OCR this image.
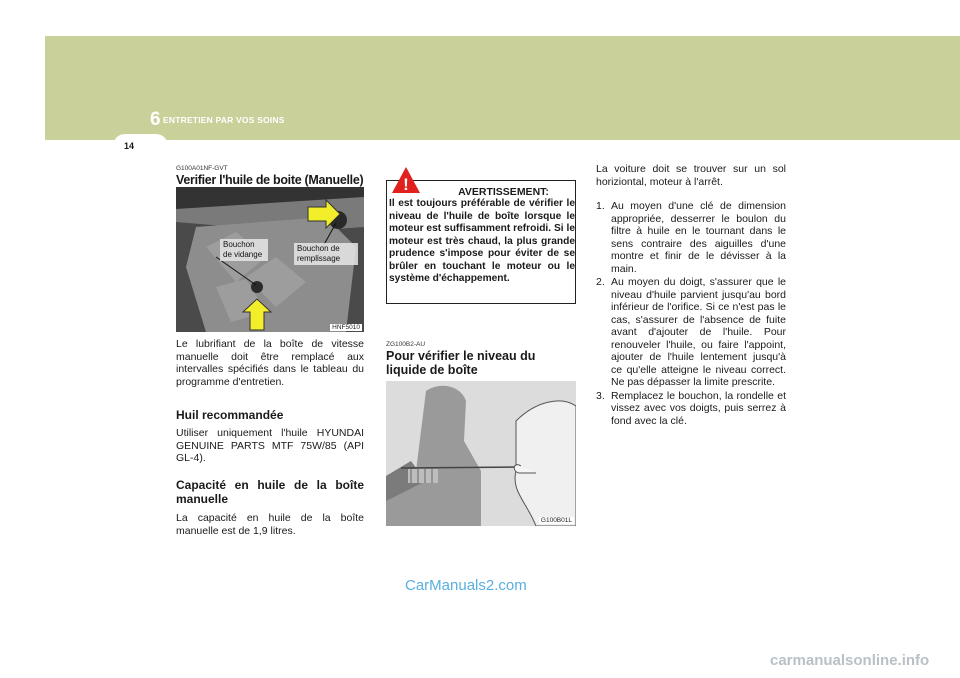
6 ENTRETIEN PAR VOS SOINS
14
G100A01NF-GVT
Verifier l'huile de boite (Manuelle)
Bouchon de vidange
Bouchon de remplissage
HNF5010
Le lubrifiant de la boîte de vitesse manuelle doit être remplacé aux intervalles spécifiés dans le tableau du programme d'entretien.
Huil recommandée
Utiliser uniquement l'huile HYUNDAI GENUINE PARTS MTF 75W/85 (API GL-4).
Capacité en huile de la boîte manuelle
La capacité en huile de la boîte manuelle est de 1,9 litres.
!	AVERTISSEMENT:
Il est toujours préférable de vérifier le niveau de l'huile de boîte lorsque le moteur est suffisamment refroidi. Si le moteur est très chaud, la plus grande prudence s'impose pour éviter de se brûler en touchant le moteur ou le système d'échappement.
ZG100B2-AU
Pour vérifier le niveau du liquide de boîte
G100B01L
La voiture doit se trouver sur un sol horiziontal, moteur à l'arrêt.
1. Au moyen d'une clé de dimension appropriée, desserrer le boulon du filtre à huile en le tournant dans le sens contraire des aiguilles d'une montre et finir de le dévisser à la main.
2. Au moyen du doigt, s'assurer que le niveau d'huile parvient jusqu'au bord inférieur de l'orifice. Si ce n'est pas le cas, s'assurer de l'absence de fuite avant d'ajouter de l'huile. Pour renouveler l'huile, ou faire l'appoint, ajouter de l'huile lentement jusqu'à ce qu'elle atteigne le niveau correct. Ne pas dépasser la limite prescrite.
3. Remplacez le bouchon, la rondelle et vissez avec vos doigts, puis serrez à fond avec la clé.
CarManuals2.com
carmanualsonline.info
